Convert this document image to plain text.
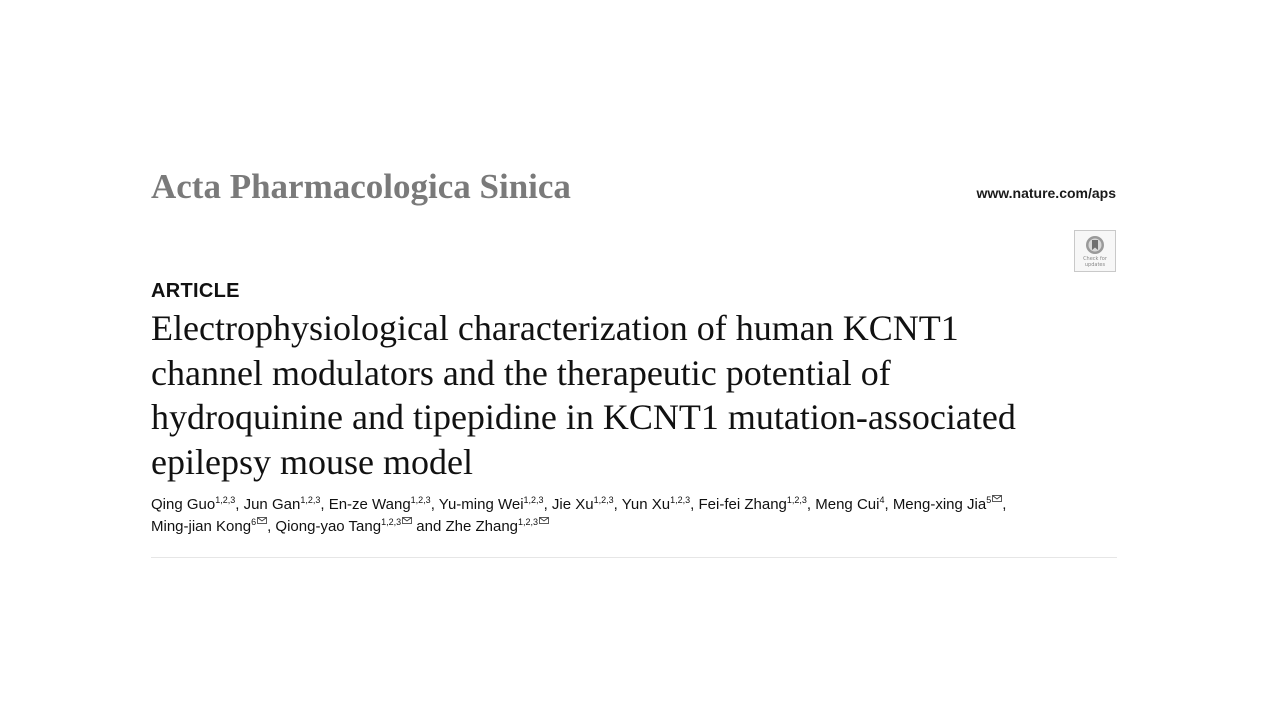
Acta Pharmacologica Sinica	www.nature.com/aps
Check for
updates
ARTICLE
Electrophysiological characterization of human KCNT1
channel modulators and the therapeutic potential of
hydroquinine and tipepidine in KCNT1 mutation-associated
epilepsy mouse model
Qing Guo$^{1,2,3}$, Jun Gan$^{1,2,3}$, En-ze Wang$^{1,2,3}$, Yu-ming Wei$^{1,2,3}$, Jie Xu$^{1,2,3}$, Yun Xu$^{1,2,3}$, Fei-fei Zhang$^{1,2,3}$, Meng Cui$^4$, Meng-xing Jia$^5$ ,
Ming-jian Kong$^6$ , Qiong-yao Tang$^{1,2,3}$ and Zhe Zhang$^{1,2,3}$
